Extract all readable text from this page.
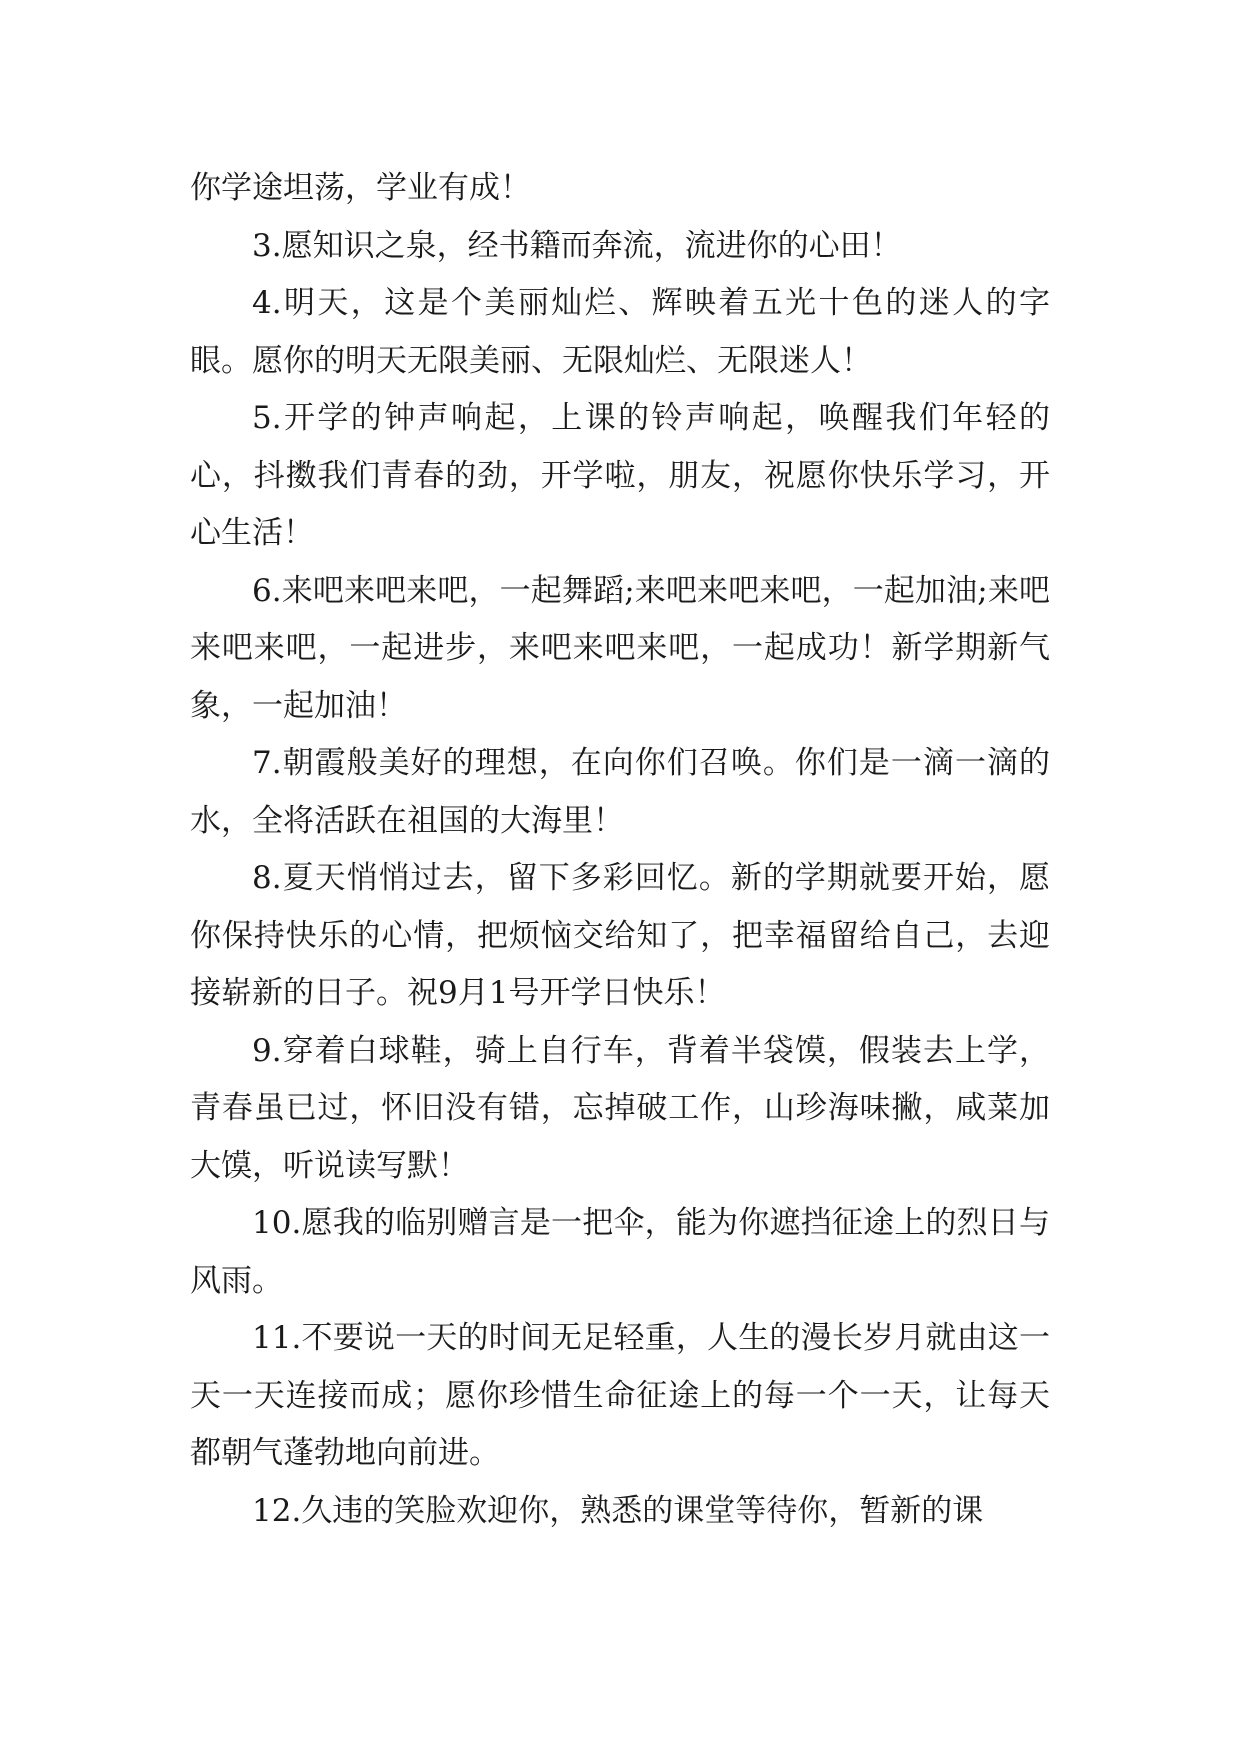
你学途坦荡，学业有成！

3.愿知识之泉，经书籍而奔流，流进你的心田！

4.明天，这是个美丽灿烂、辉映着五光十色的迷人的字眼。愿你的明天无限美丽、无限灿烂、无限迷人！

5.开学的钟声响起，上课的铃声响起，唤醒我们年轻的心，抖擞我们青春的劲，开学啦，朋友，祝愿你快乐学习，开心生活！

6.来吧来吧来吧，一起舞蹈;来吧来吧来吧，一起加油;来吧来吧来吧，一起进步，来吧来吧来吧，一起成功！新学期新气象，一起加油！

7.朝霞般美好的理想，在向你们召唤。你们是一滴一滴的水，全将活跃在祖国的大海里！

8.夏天悄悄过去，留下多彩回忆。新的学期就要开始，愿你保持快乐的心情，把烦恼交给知了，把幸福留给自己，去迎接崭新的日子。祝9月1号开学日快乐！

9.穿着白球鞋，骑上自行车，背着半袋馍，假装去上学，青春虽已过，怀旧没有错，忘掉破工作，山珍海味撇，咸菜加大馍，听说读写默！

10.愿我的临别赠言是一把伞，能为你遮挡征途上的烈日与风雨。

11.不要说一天的时间无足轻重，人生的漫长岁月就由这一天一天连接而成；愿你珍惜生命征途上的每一个一天，让每天都朝气蓬勃地向前进。

12.久违的笑脸欢迎你，熟悉的课堂等待你，暂新的课
